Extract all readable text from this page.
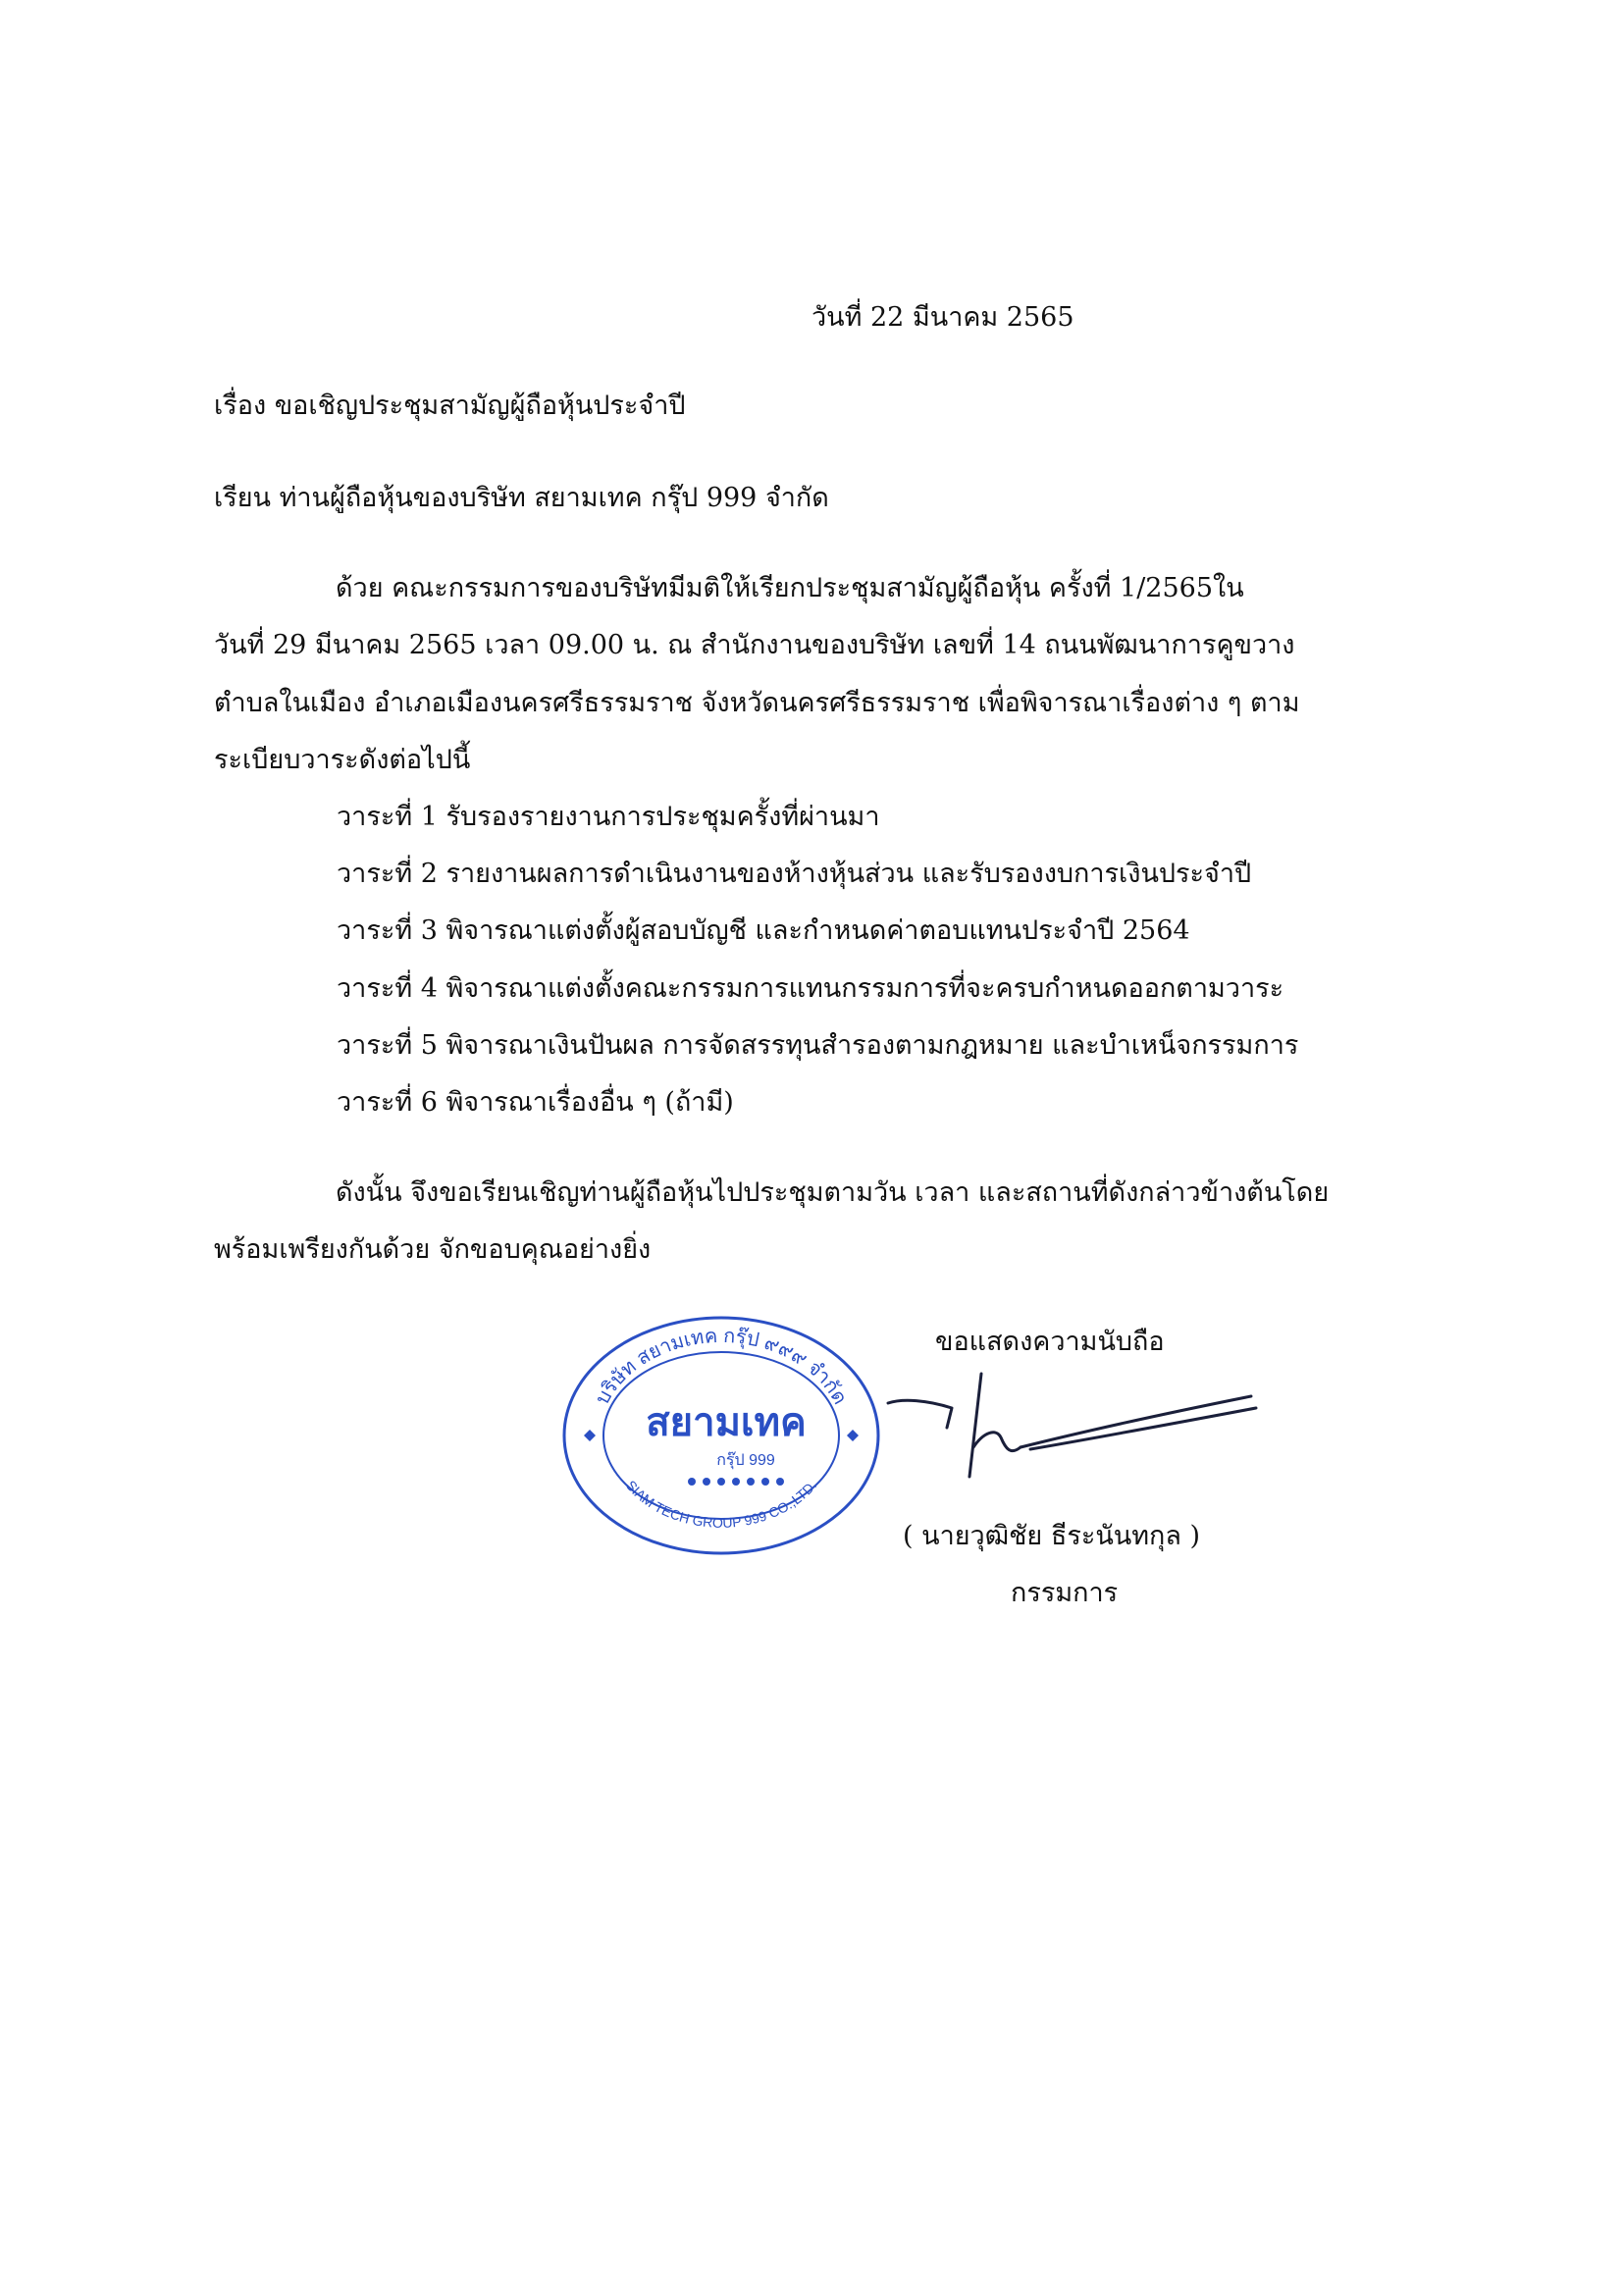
วันที่ 22 มีนาคม 2565
เรื่อง ขอเชิญประชุมสามัญผู้ถือหุ้นประจำปี
เรียน ท่านผู้ถือหุ้นของบริษัท สยามเทค กรุ๊ป 999 จำกัด
ด้วย คณะกรรมการของบริษัทมีมติให้เรียกประชุมสามัญผู้ถือหุ้น ครั้งที่ 1/2565ใน
วันที่ 29 มีนาคม 2565 เวลา 09.00 น. ณ สำนักงานของบริษัท เลขที่ 14 ถนนพัฒนาการคูขวาง
ตำบลในเมือง อำเภอเมืองนครศรีธรรมราช จังหวัดนครศรีธรรมราช เพื่อพิจารณาเรื่องต่าง ๆ ตาม
ระเบียบวาระดังต่อไปนี้
วาระที่ 1 รับรองรายงานการประชุมครั้งที่ผ่านมา
วาระที่ 2 รายงานผลการดำเนินงานของห้างหุ้นส่วน และรับรองงบการเงินประจำปี
วาระที่ 3 พิจารณาแต่งตั้งผู้สอบบัญชี และกำหนดค่าตอบแทนประจำปี 2564
วาระที่ 4 พิจารณาแต่งตั้งคณะกรรมการแทนกรรมการที่จะครบกำหนดออกตามวาระ
วาระที่ 5 พิจารณาเงินปันผล การจัดสรรทุนสำรองตามกฎหมาย และบำเหน็จกรรมการ
วาระที่ 6 พิจารณาเรื่องอื่น ๆ (ถ้ามี)
ดังนั้น จึงขอเรียนเชิญท่านผู้ถือหุ้นไปประชุมตามวัน เวลา และสถานที่ดังกล่าวข้างต้นโดย
พร้อมเพรียงกันด้วย จักขอบคุณอย่างยิ่ง
ขอแสดงความนับถือ
บริษัท สยามเทค กรุ๊ป ๙๙๙ จำกัด
SIAM TECH GROUP 999 CO.,LTD.
สยามเทค
กรุ๊ป 999
( นายวุฒิชัย ธีระนันทกุล )
กรรมการ
